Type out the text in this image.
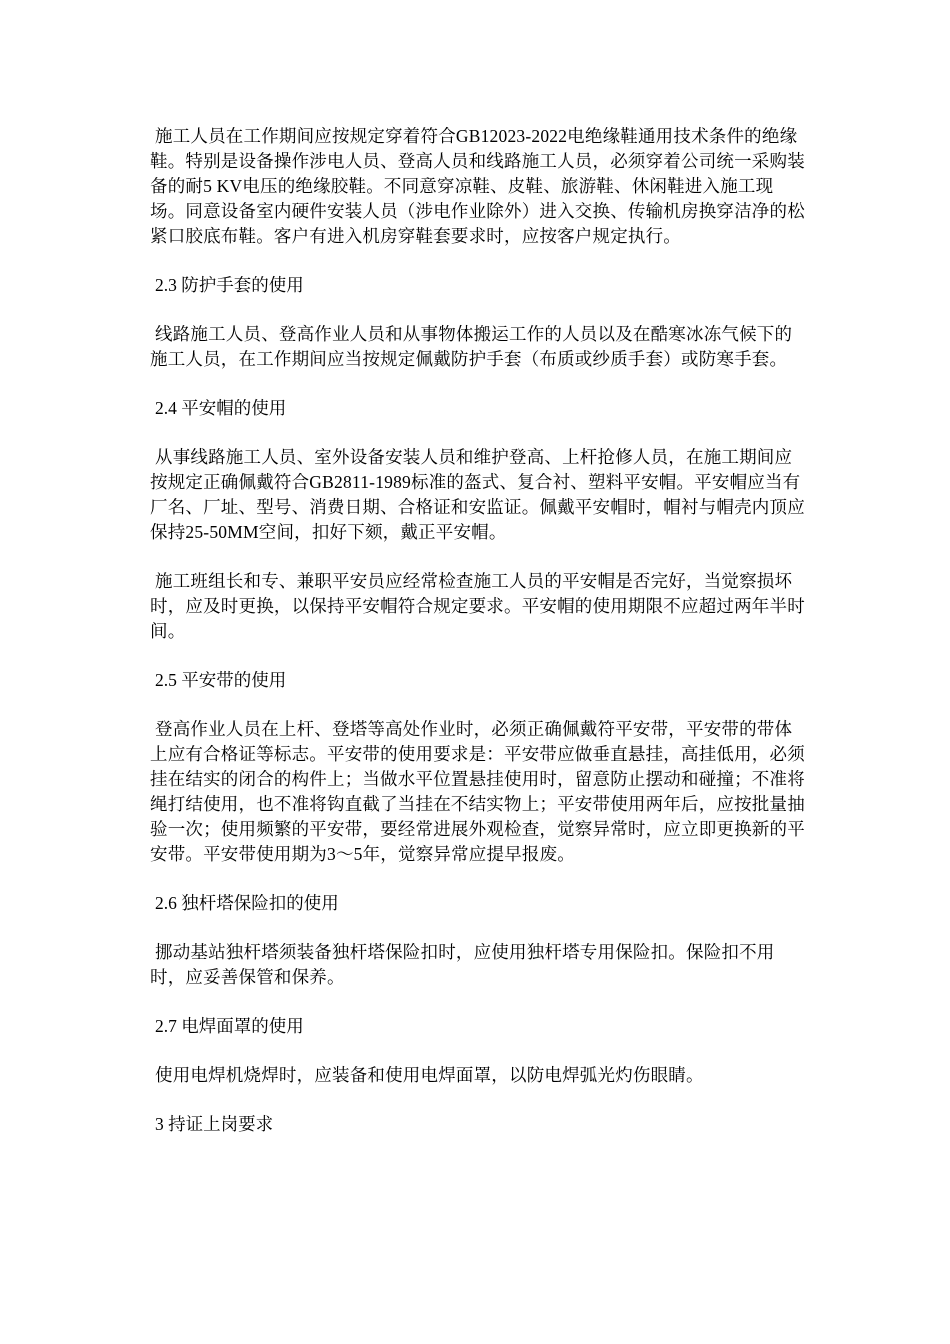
施工人员在工作期间应按规定穿着符合GB12023-2022电绝缘鞋通用技术条件的绝缘鞋。特别是设备操作涉电人员、登高人员和线路施工人员，必须穿着公司统一采购装备的耐5 KV电压的绝缘胶鞋。不同意穿凉鞋、皮鞋、旅游鞋、休闲鞋进入施工现场。同意设备室内硬件安装人员（涉电作业除外）进入交换、传输机房换穿洁净的松紧口胶底布鞋。客户有进入机房穿鞋套要求时，应按客户规定执行。

2.3 防护手套的使用

线路施工人员、登高作业人员和从事物体搬运工作的人员以及在酷寒冰冻气候下的施工人员，在工作期间应当按规定佩戴防护手套（布质或纱质手套）或防寒手套。

2.4 平安帽的使用

从事线路施工人员、室外设备安装人员和维护登高、上杆抢修人员，在施工期间应按规定正确佩戴符合GB2811-1989标准的盔式、复合衬、塑料平安帽。平安帽应当有厂名、厂址、型号、消费日期、合格证和安监证。佩戴平安帽时，帽衬与帽壳内顶应保持25-50MM空间，扣好下颏，戴正平安帽。

施工班组长和专、兼职平安员应经常检查施工人员的平安帽是否完好，当觉察损坏时，应及时更换，以保持平安帽符合规定要求。平安帽的使用期限不应超过两年半时间。

2.5 平安带的使用

登高作业人员在上杆、登塔等高处作业时，必须正确佩戴符平安带，平安带的带体上应有合格证等标志。平安带的使用要求是：平安带应做垂直悬挂，高挂低用，必须挂在结实的闭合的构件上；当做水平位置悬挂使用时，留意防止摆动和碰撞；不准将绳打结使用，也不准将钩直截了当挂在不结实物上；平安带使用两年后，应按批量抽验一次；使用频繁的平安带，要经常进展外观检查，觉察异常时，应立即更换新的平安带。平安带使用期为3～5年，觉察异常应提早报废。

2.6 独杆塔保险扣的使用

挪动基站独杆塔须装备独杆塔保险扣时，应使用独杆塔专用保险扣。保险扣不用时，应妥善保管和保养。

2.7 电焊面罩的使用

使用电焊机烧焊时，应装备和使用电焊面罩，以防电焊弧光灼伤眼睛。

3 持证上岗要求
